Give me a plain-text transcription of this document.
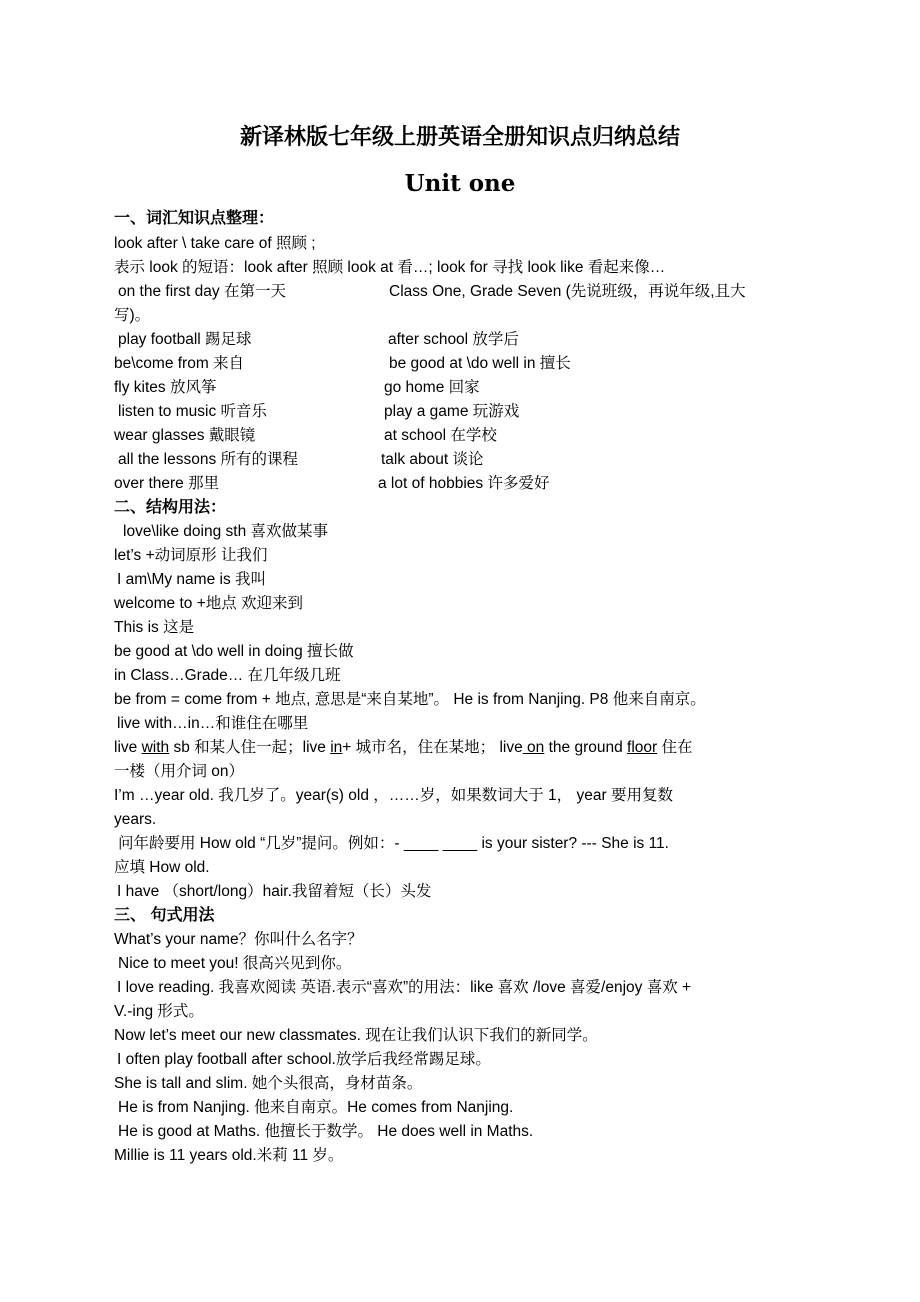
新译林版七年级上册英语全册知识点归纳总结
Unit one
一、词汇知识点整理：
look after \ take care of 照顾 ;
表示 look 的短语：look after 照顾 look at 看…; look for 寻找 look like 看起来像…
on the first day 在第一天	Class One, Grade Seven (先说班级，再说年级,且大
写)。
play football 踢足球	after school 放学后
be\come from 来自	be good at \do well in 擅长
fly kites 放风筝	go home 回家
listen to music 听音乐	play a game 玩游戏
wear glasses 戴眼镜	at school 在学校
all the lessons 所有的课程	talk about 谈论
over there 那里	a lot of hobbies 许多爱好
二、结构用法：
love\like doing sth 喜欢做某事
let’s +动词原形 让我们
I am\My name is 我叫
welcome to +地点 欢迎来到
This is 这是
be good at \do well in doing 擅长做
in Class…Grade… 在几年级几班
be from = come from + 地点, 意思是“来自某地”。 He is from Nanjing. P8 他来自南京。
live with…in…和谁住在哪里
live with sb 和某人住一起；live in+ 城市名，住在某地； live on the ground floor 住在
一楼（用介词 on）
I’m …year old. 我几岁了。year(s) old ，……岁，如果数词大于 1， year 要用复数
years.
问年龄要用 How old “几岁”提问。例如：- ____ ____ is your sister? --- She is 11.
应填 How old.
I have （short/long）hair.我留着短（长）头发
三、 句式用法
What’s your name？你叫什么名字？
Nice to meet you! 很高兴见到你。
I love reading. 我喜欢阅读 英语.表示“喜欢”的用法：like 喜欢 /love 喜爱/enjoy 喜欢 +
V.-ing 形式。
Now let’s meet our new classmates. 现在让我们认识下我们的新同学。
I often play football after school.放学后我经常踢足球。
She is tall and slim. 她个头很高，身材苗条。
He is from Nanjing. 他来自南京。He comes from Nanjing.
He is good at Maths. 他擅长于数学。 He does well in Maths.
Millie is 11 years old.米莉 11 岁。
